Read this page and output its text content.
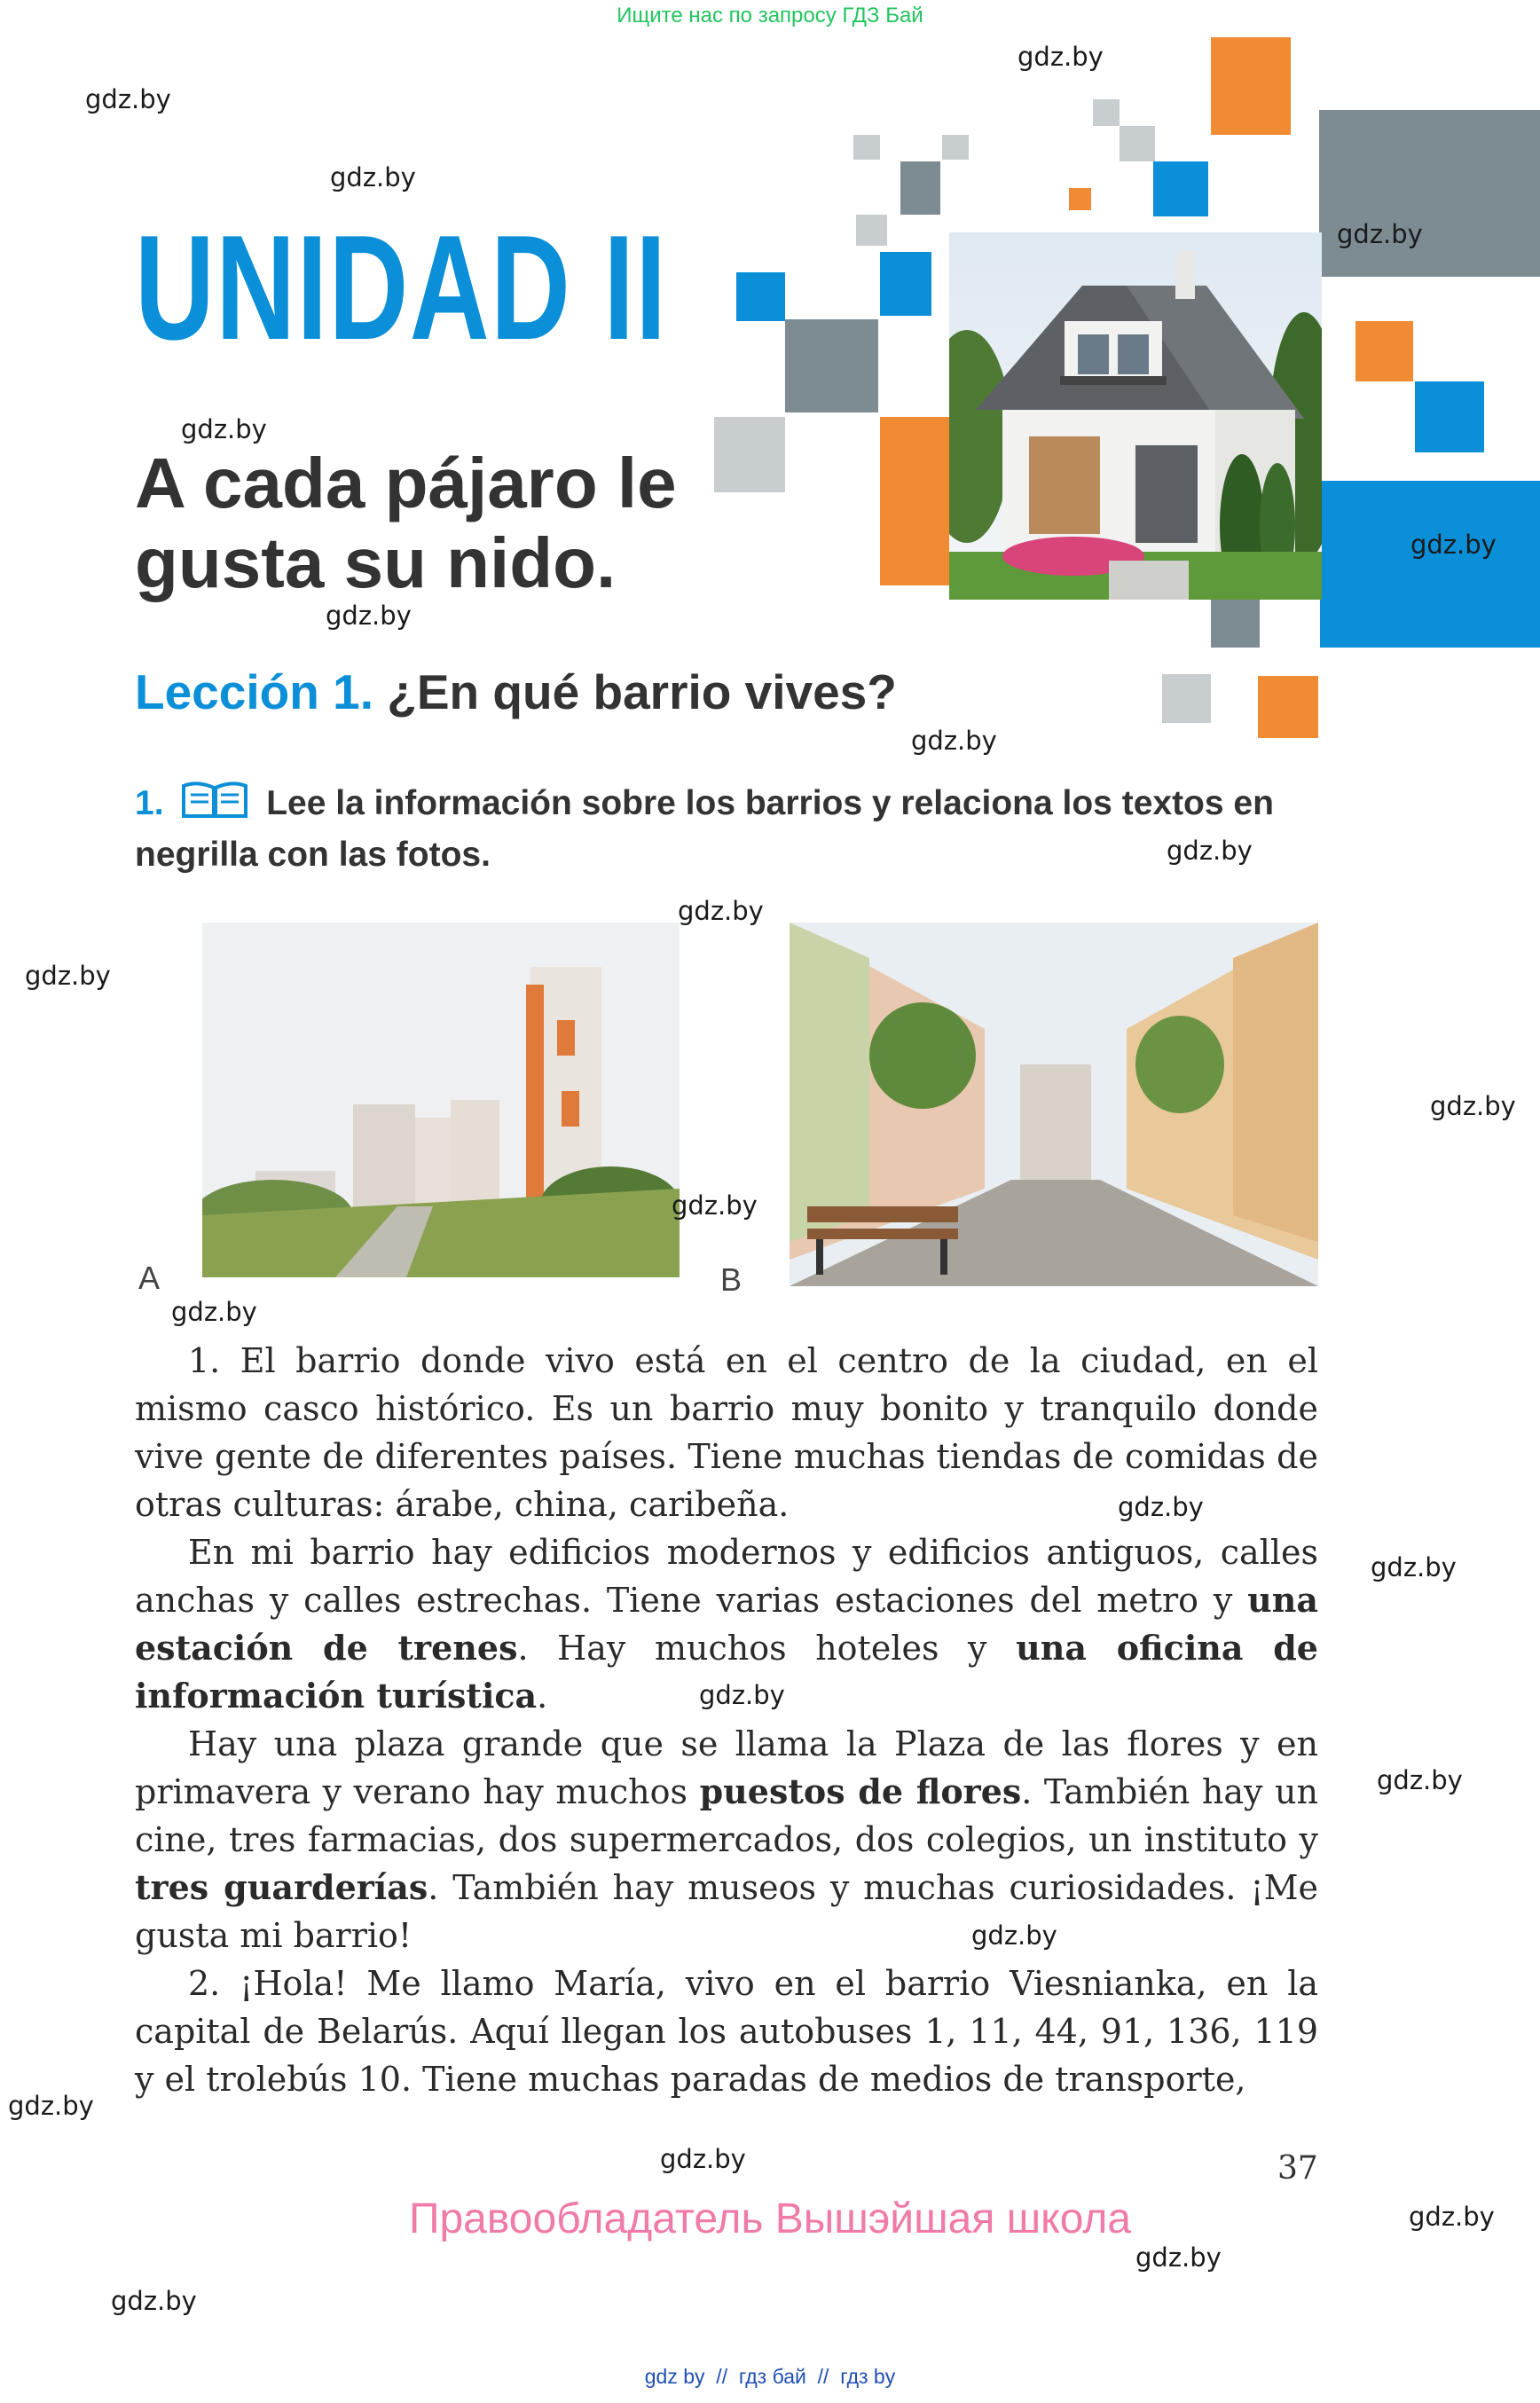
Ищите нас по запросу ГДЗ Бай
UNIDAD II
A cada pájaro le gusta su nido.
Lección 1. ¿En qué barrio vives?
1.	Lee la información sobre los barrios y relaciona los textos en negrilla con las fotos.
A	B

1. El barrio donde vivo está en el centro de la ciudad, en el mismo casco histórico. Es un barrio muy bonito y tranquilo donde vive gente de diferentes países. Tiene muchas tiendas de comidas de otras culturas: árabe, china, caribeña.

En mi barrio hay edificios modernos y edificios antiguos, calles anchas y calles estrechas. Tiene varias estaciones del metro y una estación de trenes. Hay muchos hoteles y una oficina de información turística.

Hay una plaza grande que se llama la Plaza de las flores y en primavera y verano hay muchos puestos de flores. También hay un cine, tres farmacias, dos supermercados, dos colegios, un instituto y tres guarderías. También hay museos y muchas curiosidades. ¡Me gusta mi barrio!

2. ¡Hola! Me llamo María, vivo en el barrio Viesnianka, en la capital de Belarús. Aquí llegan los autobuses 1, 11, 44, 91, 136, 119 y el trolebús 10. Tiene muchas paradas de medios de transporte,

37
Правообладатель Вышэйшая школа
gdz by  //  гдз бай  //  гдз by
gdz.by
gdz.by
gdz.by
gdz.by
gdz.by
gdz.by
gdz.by
gdz.by
gdz.by
gdz.by
gdz.by
gdz.by
gdz.by
gdz.by
gdz.by
gdz.by
gdz.by
gdz.by
gdz.by
gdz.by
gdz.by
gdz.by
gdz.by
gdz.by
